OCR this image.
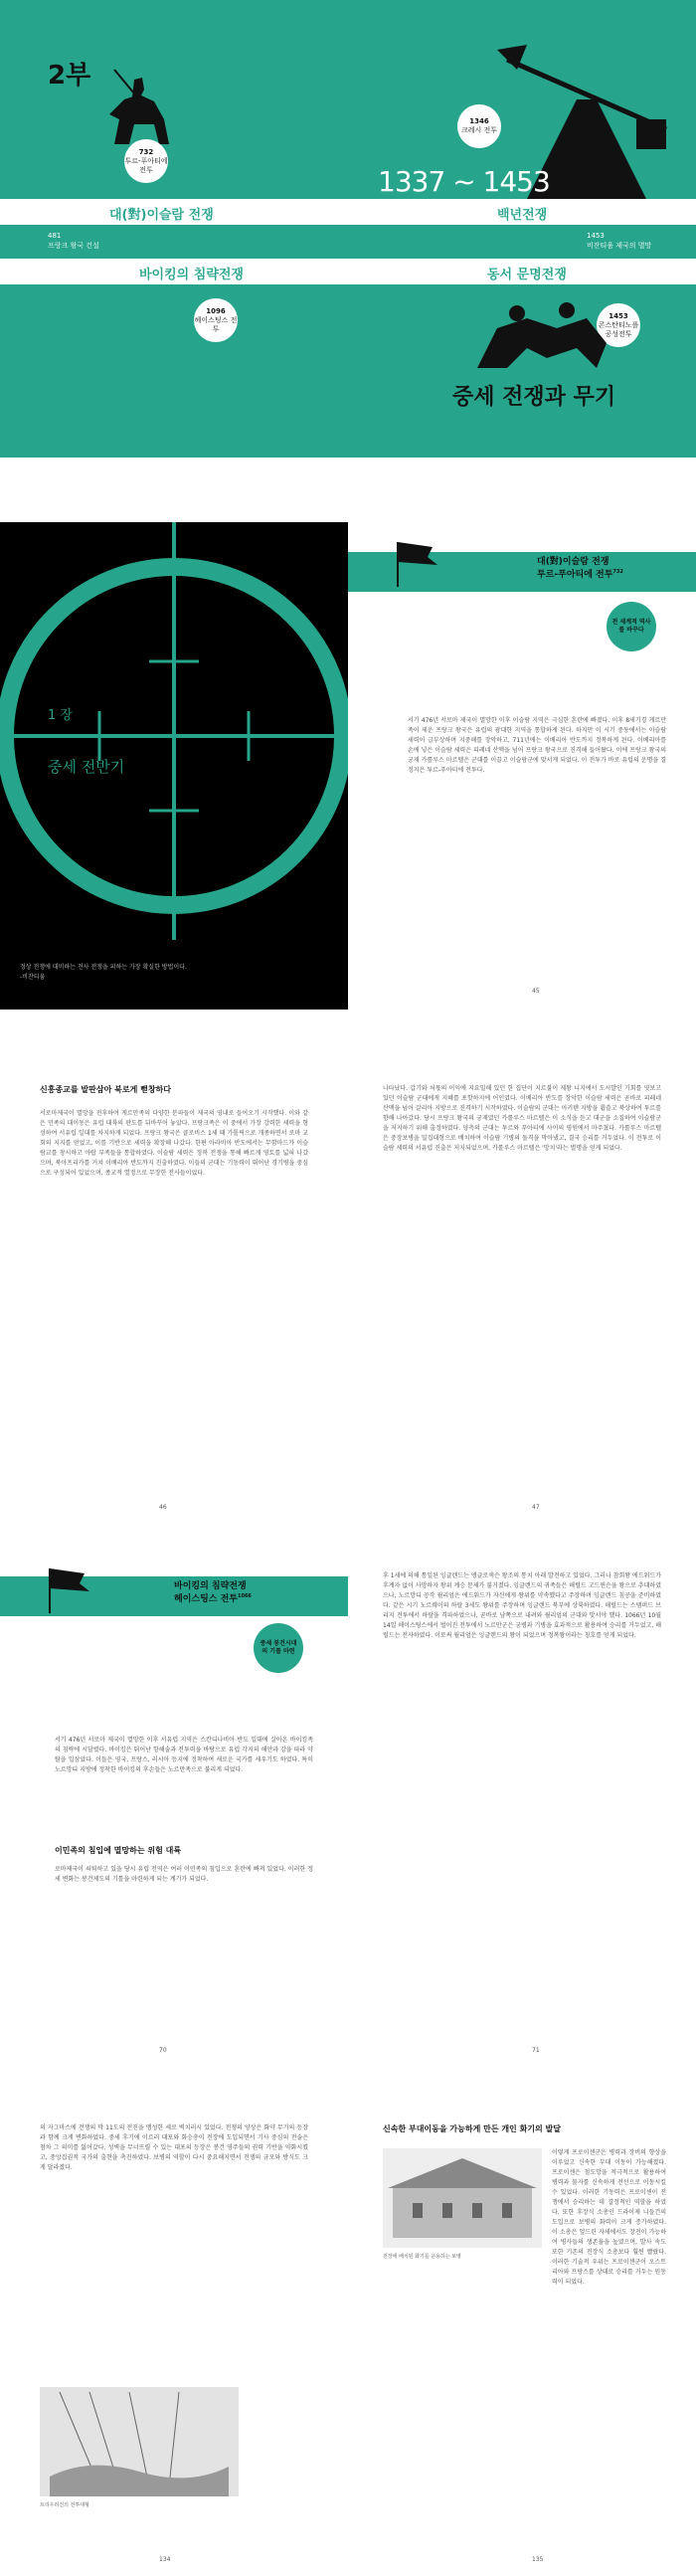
2부
1337 ~ 1453
732
투르-푸아티에 전투
1346
크레시 전투
1096
헤이스팅스 전투
1453
콘스탄티노플 공성전투
대(對)이슬람 전쟁	백년전쟁
481
프랑크 왕국 건설
1453
비잔티움 제국의 멸망
바이킹의 침략전쟁	동서 문명전쟁
중세 전쟁과 무기
1 장
중세 전반기
정상 전쟁에 대비하는 전사 전쟁을 피하는 가장 확실한 방법이다.
-비잔티움
대(對)이슬람 전쟁
투르-푸아티에 전투$^{732}$
전 세계적 역사를 바꾸다
서기 476년 서로마 제국이 멸망한 이후 이슬람 지역은 극심한 혼란에 빠졌다. 이후 8세기경 게르만족이 세운 프랑크 왕국은 유럽의 광대한 지역을 통합하게 된다. 하지만 이 시기 중동에서는 이슬람 세력이 급부상하며 지중해를 장악하고, 711년에는 이베리아 반도까지 정복하게 된다. 이베리아를 손에 넣은 이슬람 세력은 피레네 산맥을 넘어 프랑크 왕국으로 진격해 들어왔다. 이에 프랑크 왕국의 궁재 카롤루스 마르텔은 군대를 이끌고 이슬람군에 맞서게 되었다. 이 전투가 바로 유럽의 운명을 결정지은 투르-푸아티에 전투다.
45
신흥종교를 발판삼아 북로게 뻗창하다
서로마제국이 멸망을 전후하여 게르만족의 다양한 분파들이 제국의 영내로 들어오기 시작했다. 이와 같은 민족의 대이동은 유럽 대륙의 판도를 뒤바꾸어 놓았다. 프랑크족은 이 중에서 가장 강력한 세력을 형성하여 서유럽 일대를 차지하게 되었다. 프랑크 왕국은 클로비스 1세 때 가톨릭으로 개종하면서 로마 교회의 지지를 얻었고, 이를 기반으로 세력을 확장해 나갔다. 한편 아라비아 반도에서는 무함마드가 이슬람교를 창시하고 아랍 부족들을 통합하였다. 이슬람 세력은 정복 전쟁을 통해 빠르게 영토를 넓혀 나갔으며, 북아프리카를 거쳐 이베리아 반도까지 진출하였다. 이들의 군대는 기동력이 뛰어난 경기병을 중심으로 구성되어 있었으며, 종교적 열정으로 무장한 전사들이었다.
46
나타났다. 갑기와 처몫의 이익에 지요밀해 있던 한 집단이 지르불이 제왕 니지에서 도시발인 기회를 엿보고 있던 이슬람 군대에게 지혜를 포핫하지에 어인였다. 이베리아 반도를 장악한 이슬람 세력은 곧바로 피레네 산맥을 넘어 갈리아 지방으로 진격하기 시작하였다. 이슬람의 군대는 아키텐 지방을 휩쓸고 북상하여 투르를 향해 나아갔다. 당시 프랑크 왕국의 궁재였던 카롤루스 마르텔은 이 소식을 듣고 대군을 소집하여 이슬람군을 저지하기 위해 출정하였다. 양측의 군대는 투르와 푸아티에 사이의 평원에서 마주쳤다. 카롤루스 마르텔은 중장보병을 밀집대형으로 배치하여 이슬람 기병의 돌격을 막아냈고, 결국 승리를 거두었다. 이 전투로 이슬람 세력의 서유럽 진출은 저지되었으며, 카롤루스 마르텔은 '망치'라는 별명을 얻게 되었다.
47
바이킹의 침략전쟁
헤이스팅스 전투$^{1066}$
중세 봉건시대의 기틀 마련
서기 476년 서로마 제국이 멸망한 이후 서유럽 지역은 스칸디나비아 반도 일대에 살아온 바이킹족의 침략에 시달렸다. 바이킹은 뛰어난 항해술과 전투력을 바탕으로 유럽 각지의 해안과 강을 따라 약탈을 일삼았다. 이들은 영국, 프랑스, 러시아 등지에 정착하여 새로운 국가를 세우기도 하였다. 특히 노르망디 지방에 정착한 바이킹의 후손들은 노르만족으로 불리게 되었다.
이민족의 침입에 멸망하는 위험 대륙
로마제국이 쇠퇴하고 있을 당시 유럽 전역은 여러 이민족의 침입으로 혼란에 빠져 있었다. 이러한 정세 변화는 봉건제도의 기틀을 마련하게 되는 계기가 되었다.
70
후 1세에 의해 통일된 잉글랜드는 앵글로색슨 왕조의 통치 아래 발전하고 있었다. 그러나 참회왕 에드워드가 후계자 없이 사망하자 왕위 계승 문제가 불거졌다. 잉글랜드의 귀족들은 해럴드 고드윈슨을 왕으로 추대하였으나, 노르망디 공작 윌리엄은 에드워드가 자신에게 왕위를 약속했다고 주장하며 잉글랜드 침공을 준비하였다. 같은 시기 노르웨이의 하랄 3세도 왕위를 주장하며 잉글랜드 북부에 상륙하였다. 해럴드는 스탬퍼드 브리지 전투에서 하랄을 격파하였으나, 곧바로 남쪽으로 내려와 윌리엄의 군대와 맞서야 했다. 1066년 10월 14일 헤이스팅스에서 벌어진 전투에서 노르만군은 궁병과 기병을 효과적으로 활용하여 승리를 거두었고, 해럴드는 전사하였다. 이로써 윌리엄은 잉글랜드의 왕이 되었으며 정복왕이라는 칭호를 얻게 되었다.
71
의 자그마스에 전쟁의 막 11도의 전진을 맹성한 세로 벽치러시 있었다. 전쟁의 양상은 화약 무기의 등장과 함께 크게 변화하였다. 중세 후기에 이르러 대포와 화승총이 전장에 도입되면서 기사 중심의 전술은 점차 그 의미를 잃어갔다. 성벽을 무너뜨릴 수 있는 대포의 등장은 봉건 영주들의 권력 기반을 약화시켰고, 중앙집권적 국가의 출현을 촉진하였다. 보병의 역할이 다시 중요해지면서 전쟁의 규모와 방식도 크게 달라졌다.
트리우러건의 전투대형
134
신속한 부대이동을 가능하게 만든 개인 화기의 발달
전장에 배치된 화기를 운용하는 보병
이렇게 프로이센군은 병력과 장비의 향상을 이루었고 신속한 부대 이동이 가능해졌다. 프로이센은 철도망을 적극적으로 활용하여 병력과 물자를 신속하게 전선으로 이동시킬 수 있었다. 이러한 기동력은 프로이센이 전쟁에서 승리하는 데 결정적인 역할을 하였다. 또한 후장식 소총인 드라이제 니들건의 도입으로 보병의 화력이 크게 증가하였다. 이 소총은 엎드린 자세에서도 장전이 가능하여 병사들의 생존율을 높였으며, 발사 속도 또한 기존의 전장식 소총보다 훨씬 빨랐다. 이러한 기술적 우위는 프로이센군이 오스트리아와 프랑스를 상대로 승리를 거두는 원동력이 되었다.
135
